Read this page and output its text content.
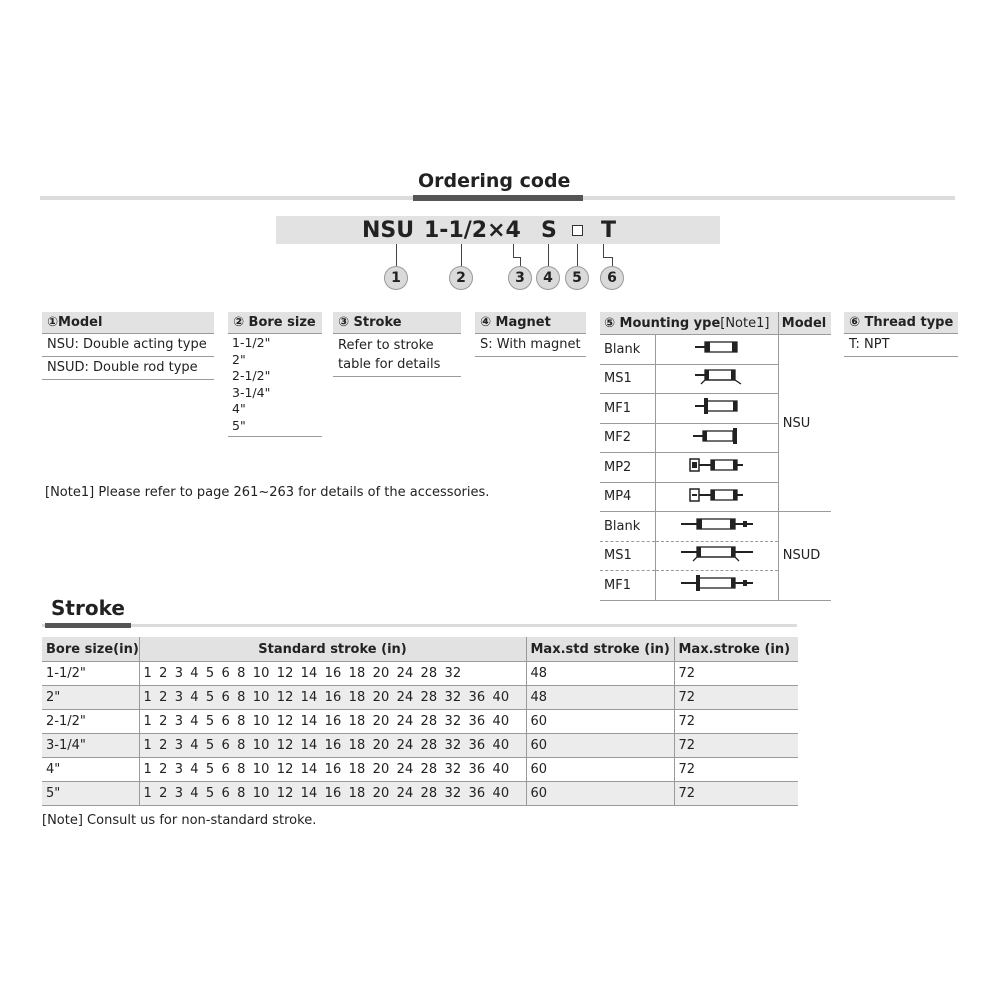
Ordering code
NSU 1-1/2×4 S T
1	2	3	4	5	6
①Model
NSU: Double acting type
NSUD: Double rod type
② Bore size
1-1/2"
2"
2-1/2"
3-1/4"
4"
5"
③ Stroke
Refer to stroke
table for details
④ Magnet
S: With magnet
⑤ Mounting ype[Note1]		Model
Blank		NSU
MS1	
MF1	
MF2	
MP2	
MP4	
Blank		NSUD
MS1	
MF1	
⑥ Thread type
T: NPT
[Note1] Please refer to page 261~263 for details of the accessories.
Stroke
Bore size(in)	Standard stroke (in)	Max.std stroke (in)	Max.stroke (in)
1-1/2"	1 2 3 4 5 6 8 10 12 14 16 18 20 24 28 32	48	72
2"	1 2 3 4 5 6 8 10 12 14 16 18 20 24 28 32 36 40	48	72
2-1/2"	1 2 3 4 5 6 8 10 12 14 16 18 20 24 28 32 36 40	60	72
3-1/4"	1 2 3 4 5 6 8 10 12 14 16 18 20 24 28 32 36 40	60	72
4"	1 2 3 4 5 6 8 10 12 14 16 18 20 24 28 32 36 40	60	72
5"	1 2 3 4 5 6 8 10 12 14 16 18 20 24 28 32 36 40	60	72
[Note] Consult us for non-standard stroke.
